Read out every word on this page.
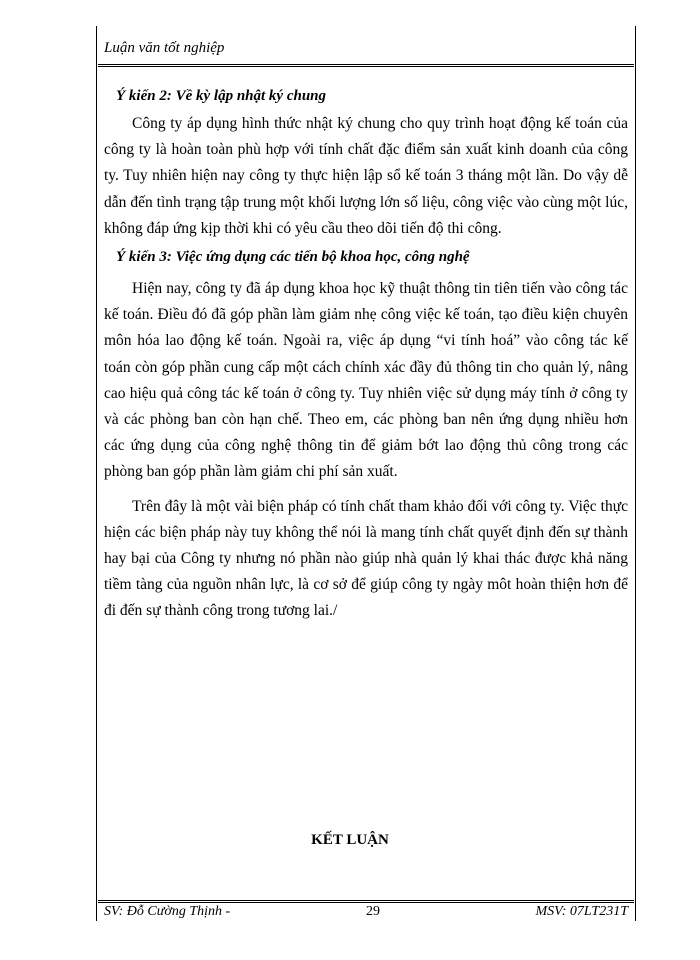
Luận văn tốt nghiệp

Ý kiến 2: Về kỳ lập nhật ký chung

Công ty áp dụng hình thức nhật ký chung cho quy trình hoạt động kế toán của công ty là hoàn toàn phù hợp với tính chất đặc điểm sản xuất kinh doanh của công ty. Tuy nhiên hiện nay công ty thực hiện lập sổ kế toán 3 tháng một lần. Do vậy dễ dẫn đến tình trạng tập trung một khối lượng lớn số liệu, công việc vào cùng một lúc, không đáp ứng kịp thời khi có yêu cầu theo dõi tiến độ thi công.

Ý kiến 3: Việc ứng dụng các tiến bộ khoa học, công nghệ

Hiện nay, công ty đã áp dụng khoa học kỹ thuật thông tin tiên tiến vào công tác kế toán. Điều đó đã góp phần làm giảm nhẹ công việc kế toán, tạo điều kiện chuyên môn hóa lao động kế toán. Ngoài ra, việc áp dụng “vi tính hoá” vào công tác kế toán còn góp phần cung cấp một cách chính xác đầy đủ thông tin cho quản lý, nâng cao hiệu quả công tác kế toán ở công ty. Tuy nhiên việc sử dụng máy tính ở công ty và các phòng ban còn hạn chế. Theo em, các phòng ban nên ứng dụng nhiều hơn các ứng dụng của công nghệ thông tin để giảm bớt lao động thủ công trong các phòng ban góp phần làm giảm chi phí sản xuất.

Trên đây là một vài biện pháp có tính chất tham khảo đối với công ty. Việc thực hiện các biện pháp này tuy không thể nói là mang tính chất quyết định đến sự thành hay bại của Công ty nhưng nó phần nào giúp nhà quản lý khai thác được khả năng tiềm tàng của nguồn nhân lực, là cơ sở để giúp công ty ngày môt hoàn thiện hơn để đi đến sự thành công trong tương lai./

KẾT LUẬN
SV: Đỗ Cường Thịnh -	29	MSV: 07LT231T
